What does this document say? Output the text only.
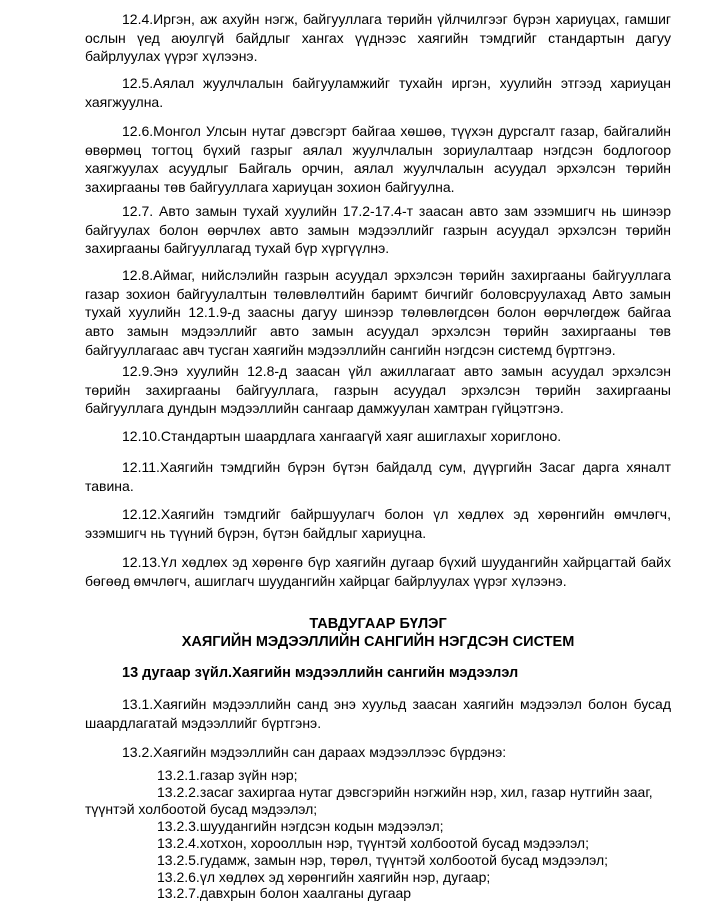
12.4.Иргэн, аж ахуйн нэгж, байгууллага төрийн үйлчилгээг бүрэн хариуцах, гамшиг
ослын үед аюулгүй байдлыг хангах үүднээс хаягийн тэмдгийг стандартын дагуу
байрлуулах үүрэг хүлээнэ.
12.5.Аялал жуулчлалын байгууламжийг тухайн иргэн, хуулийн этгээд хариуцан
хаягжуулна.
12.6.Монгол Улсын нутаг дэвсгэрт байгаа хөшөө, түүхэн дурсгалт газар, байгалийн
өвөрмөц тогтоц бүхий газрыг аялал жуулчлалын зориулалтаар нэгдсэн бодлогоор
хаягжуулах асуудлыг Байгаль орчин, аялал жуулчлалын асуудал эрхэлсэн төрийн
захиргааны төв байгууллага хариуцан зохион байгуулна.
12.7. Авто замын тухай хуулийн 17.2-17.4-т заасан авто зам эзэмшигч нь шинээр
байгуулах болон өөрчлөх авто замын мэдээллийг газрын асуудал эрхэлсэн төрийн
захиргааны байгууллагад тухай бүр хүргүүлнэ.
12.8.Аймаг, нийслэлийн газрын асуудал эрхэлсэн төрийн захиргааны байгууллага
газар зохион байгуулалтын төлөвлөлтийн баримт бичгийг боловсруулахад Авто замын
тухай хуулийн 12.1.9-д заасны дагуу шинээр төлөвлөгдсөн болон өөрчлөгдөж байгаа
авто замын мэдээллийг авто замын асуудал эрхэлсэн төрийн захиргааны төв
байгууллагаас авч тусган хаягийн мэдээллийн сангийн нэгдсэн системд бүртгэнэ.
12.9.Энэ хуулийн 12.8-д заасан үйл ажиллагаат авто замын асуудал эрхэлсэн
төрийн захиргааны байгууллага, газрын асуудал эрхэлсэн төрийн захиргааны
байгууллага дундын мэдээллийн сангаар дамжуулан хамтран гүйцэтгэнэ.
12.10.Стандартын шаардлага хангаагүй хаяг ашиглахыг хориглоно.
12.11.Хаягийн тэмдгийн бүрэн бүтэн байдалд сум, дүүргийн Засаг дарга хяналт
тавина.
12.12.Хаягийн тэмдгийг байршуулагч болон үл хөдлөх эд хөрөнгийн өмчлөгч,
эзэмшигч нь түүний бүрэн, бүтэн байдлыг хариуцна.
12.13.Үл хөдлөх эд хөрөнгө бүр хаягийн дугаар бүхий шуудангийн хайрцагтай байх
бөгөөд өмчлөгч, ашиглагч шуудангийн хайрцаг байрлуулах үүрэг хүлээнэ.
ТАВДУГААР БҮЛЭГ
ХАЯГИЙН МЭДЭЭЛЛИЙН САНГИЙН НЭГДСЭН СИСТЕМ
13 дугаар зүйл.Хаягийн мэдээллийн сангийн мэдээлэл
13.1.Хаягийн мэдээллийн санд энэ хуульд заасан хаягийн мэдээлэл болон бусад
шаардлагатай мэдээллийг бүртгэнэ.
13.2.Хаягийн мэдээллийн сан дараах мэдээллээс бүрдэнэ:
13.2.1.газар зүйн нэр;
13.2.2.засаг захиргаа нутаг дэвсгэрийн нэгжийн нэр, хил, газар нутгийн зааг,
түүнтэй холбоотой бусад мэдээлэл;
13.2.3.шуудангийн нэгдсэн кодын мэдээлэл;
13.2.4.хотхон, хорооллын нэр, түүнтэй холбоотой бусад мэдээлэл;
13.2.5.гудамж, замын нэр, төрөл, түүнтэй холбоотой бусад мэдээлэл;
13.2.6.үл хөдлөх эд хөрөнгийн хаягийн нэр, дугаар;
13.2.7.давхрын болон хаалганы дугаар
